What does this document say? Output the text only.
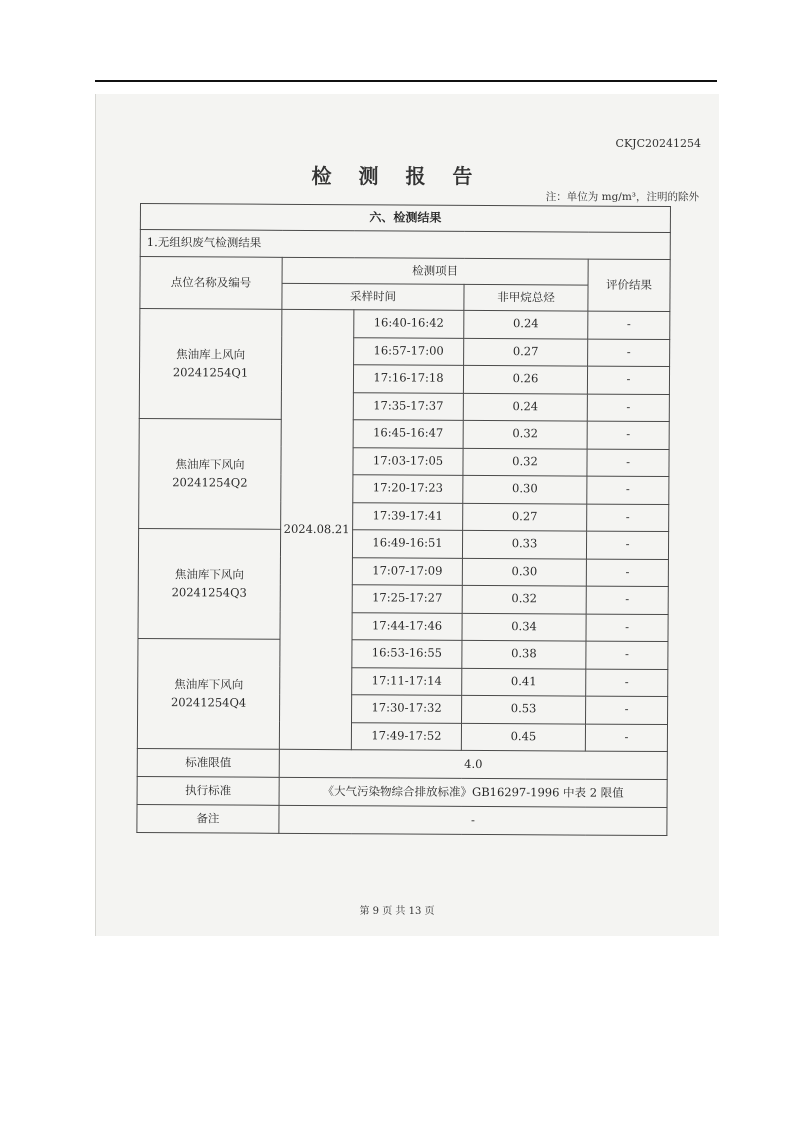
CKJC20241254
检 测 报 告
注：单位为 mg/m³，注明的除外
六、检测结果				
1.无组织废气检测结果				
点位名称及编号	检测项目			评价结果
	采样时间		非甲烷总烃	

焦油库上风向
20241254Q1	2024.08.21	16:40-16:42	0.24	-
		16:57-17:00	0.27	-
		17:16-17:18	0.26	-
		17:35-17:37	0.24	-

焦油库下风向
20241254Q2		16:45-16:47	0.32	-
		17:03-17:05	0.32	-
		17:20-17:23	0.30	-
		17:39-17:41	0.27	-

焦油库下风向
20241254Q3		16:49-16:51	0.33	-
		17:07-17:09	0.30	-
		17:25-17:27	0.32	-
		17:44-17:46	0.34	-

焦油库下风向
20241254Q4		16:53-16:55	0.38	-
		17:11-17:14	0.41	-
		17:30-17:32	0.53	-
		17:49-17:52	0.45	-
标准限值	4.0			
执行标准	《大气污染物综合排放标准》GB16297-1996 中表 2 限值			
备注	-			
第 9 页 共 13 页
